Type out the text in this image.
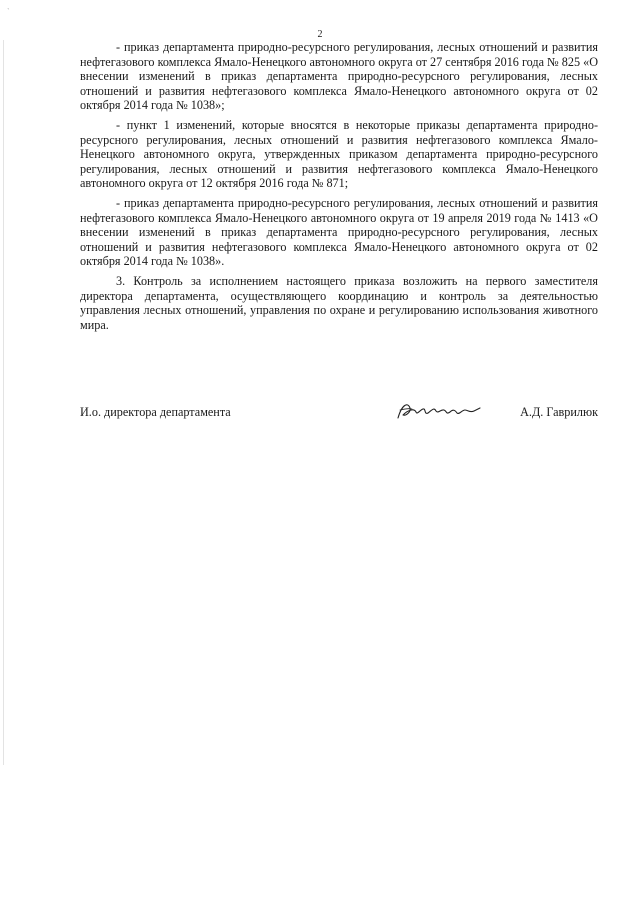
`
2

- приказ департамента природно-ресурсного регулирования, лесных отношений и развития нефтегазового комплекса Ямало-Ненецкого автономного округа от 27 сентября 2016 года № 825 «О внесении изменений в приказ департамента природно-ресурсного регулирования, лесных отношений и развития нефтегазового комплекса Ямало-Ненецкого автономного округа от 02 октября 2014 года № 1038»;

- пункт 1 изменений, которые вносятся в некоторые приказы департамента природно-ресурсного регулирования, лесных отношений и развития нефтегазового комплекса Ямало-Ненецкого автономного округа, утвержденных приказом департамента природно-ресурсного регулирования, лесных отношений и развития нефтегазового комплекса Ямало-Ненецкого автономного округа от 12 октября 2016 года № 871;

- приказ департамента природно-ресурсного регулирования, лесных отношений и развития нефтегазового комплекса Ямало-Ненецкого автономного округа от 19 апреля 2019 года № 1413 «О внесении изменений в приказ департамента природно-ресурсного регулирования, лесных отношений и развития нефтегазового комплекса Ямало-Ненецкого автономного округа от 02 октября 2014 года № 1038».

3. Контроль за исполнением настоящего приказа возложить на первого заместителя директора департамента, осуществляющего координацию и контроль за деятельностью управления лесных отношений, управления по охране и регулированию использования животного мира.

И.о. директора департамента	А.Д. Гаврилюк
